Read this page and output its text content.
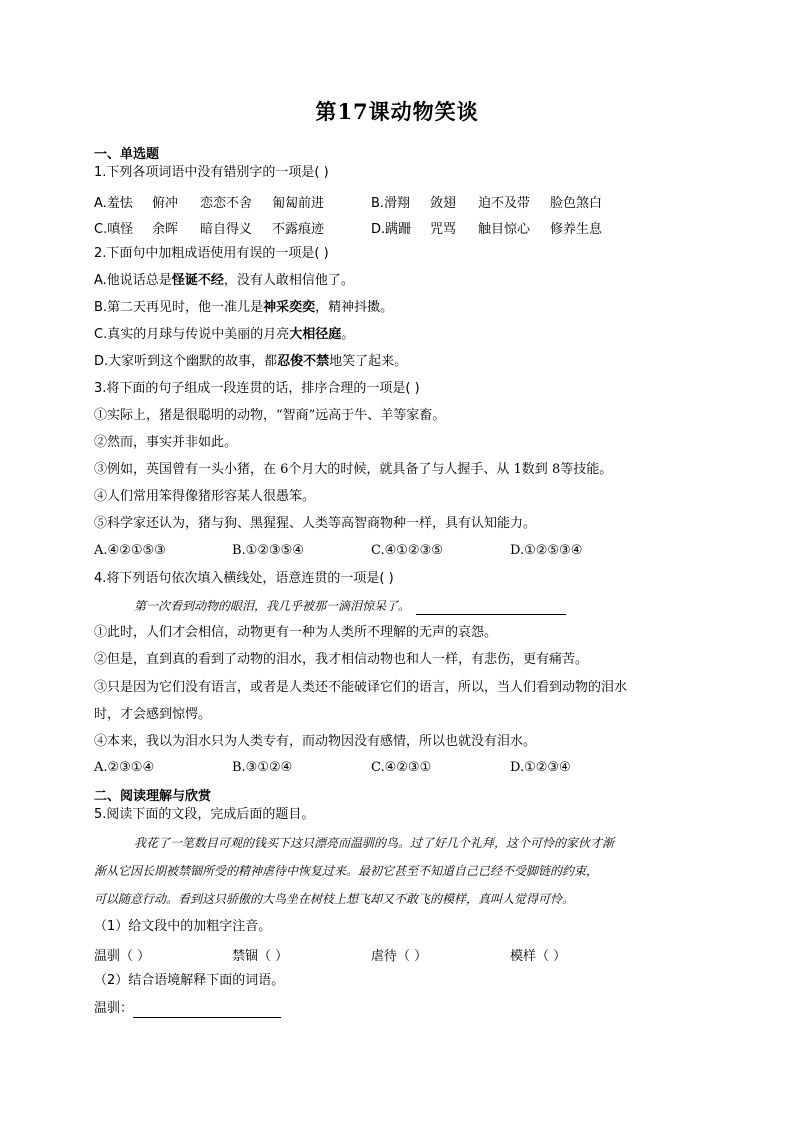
第17课动物笑谈
一、单选题
1.下列各项词语中没有错别字的一项是( )
A.羞怯 俯冲 恋恋不舍 匍匐前进	B.滑翔 敛翅 迫不及带 脸色煞白
C.嗔怪 余晖 暗自得义 不露痕迹	D.蹒跚 咒骂 触目惊心 修养生息
2.下面句中加粗成语使用有误的一项是( )
A.他说话总是怪诞不经，没有人敢相信他了。
B.第二天再见时，他一准儿是神采奕奕，精神抖擞。
C.真实的月球与传说中美丽的月亮大相径庭。
D.大家听到这个幽默的故事，都忍俊不禁地笑了起来。
3.将下面的句子组成一段连贯的话，排序合理的一项是( )
①实际上，猪是很聪明的动物，“智商”远高于牛、羊等家畜。
②然而，事实并非如此。
③例如，英国曾有一头小猪，在 6个月大的时候，就具备了与人握手、从 1数到 8等技能。
④人们常用笨得像猪形容某人很愚笨。
⑤科学家还认为，猪与狗、黑猩猩、人类等高智商物种一样，具有认知能力。
A.④②①⑤③	B.①②③⑤④	C.④①②③⑤	D.①②⑤③④
4.将下列语句依次填入横线处，语意连贯的一项是( )
第一次看到动物的眼泪，我几乎被那一滴泪惊呆了。
①此时，人们才会相信，动物更有一种为人类所不理解的无声的哀怨。
②但是，直到真的看到了动物的泪水，我才相信动物也和人一样，有悲伤，更有痛苦。
③只是因为它们没有语言，或者是人类还不能破译它们的语言，所以，当人们看到动物的泪水
时，才会感到惊愕。
④本来，我以为泪水只为人类专有，而动物因没有感情，所以也就没有泪水。
A.②③①④	B.③①②④	C.④②③①	D.①②③④
二、阅读理解与欣赏
5.阅读下面的文段，完成后面的题目。
我花了一笔数目可观的钱买下这只漂亮而温驯的鸟。过了好几个礼拜，这个可怜的家伙才渐
渐从它因长期被禁锢所受的精神虐待中恢复过来。最初它甚至不知道自己已经不受脚链的约束，
可以随意行动。看到这只骄傲的大鸟坐在树枝上想飞却又不敢飞的模样，真叫人觉得可怜。
（1）给文段中的加粗字注音。
温驯（ ）	禁锢（ ）	虐待（ ）	模样（ ）
（2）结合语境解释下面的词语。
温驯：
